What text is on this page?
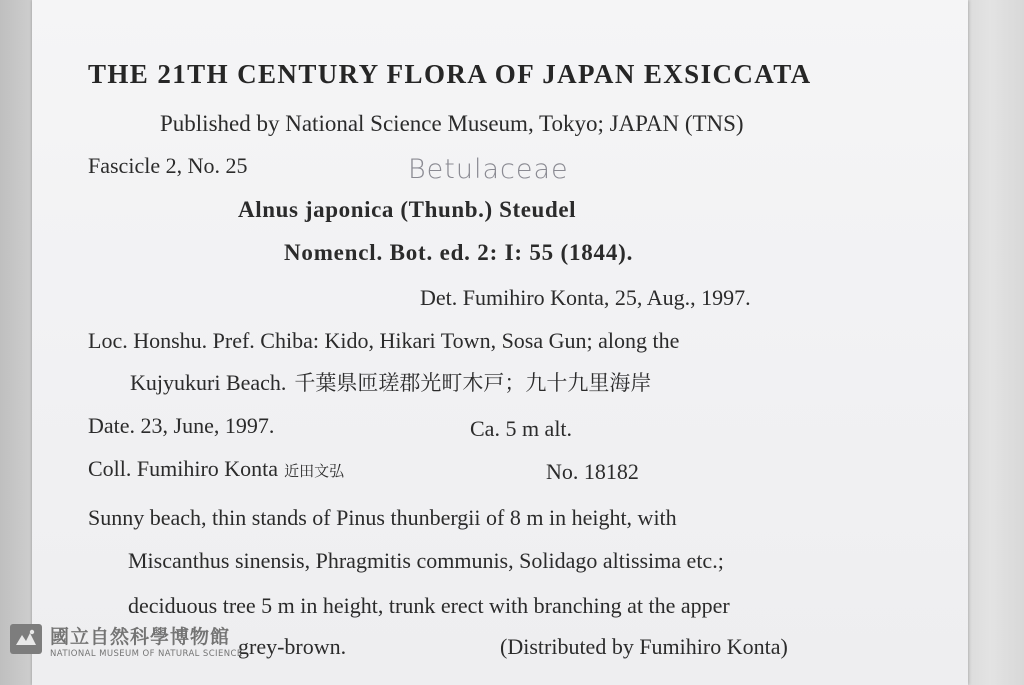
THE 21TH CENTURY FLORA OF JAPAN EXSICCATA
Published by National Science Museum, Tokyo; JAPAN (TNS)
Fascicle 2, No. 25	Betulaceae
Alnus japonica (Thunb.) Steudel
Nomencl. Bot. ed. 2: I: 55 (1844).
Det. Fumihiro Konta, 25, Aug., 1997.
Loc. Honshu. Pref. Chiba: Kido, Hikari Town, Sosa Gun; along the
Kujyukuri Beach. 千葉県匝瑳郡光町木戸；九十九里海岸
Date. 23, June, 1997.	Ca. 5 m alt.
Coll. Fumihiro Konta 近田文弘	No. 18182
Sunny beach, thin stands of Pinus thunbergii of 8 m in height, with
Miscanthus sinensis, Phragmitis communis, Solidago altissima etc.;
deciduous tree 5 m in height, trunk erect with branching at the apper
grey-brown.	(Distributed by Fumihiro Konta)
國立自然科學博物館
NATIONAL MUSEUM OF NATURAL SCIENCE
